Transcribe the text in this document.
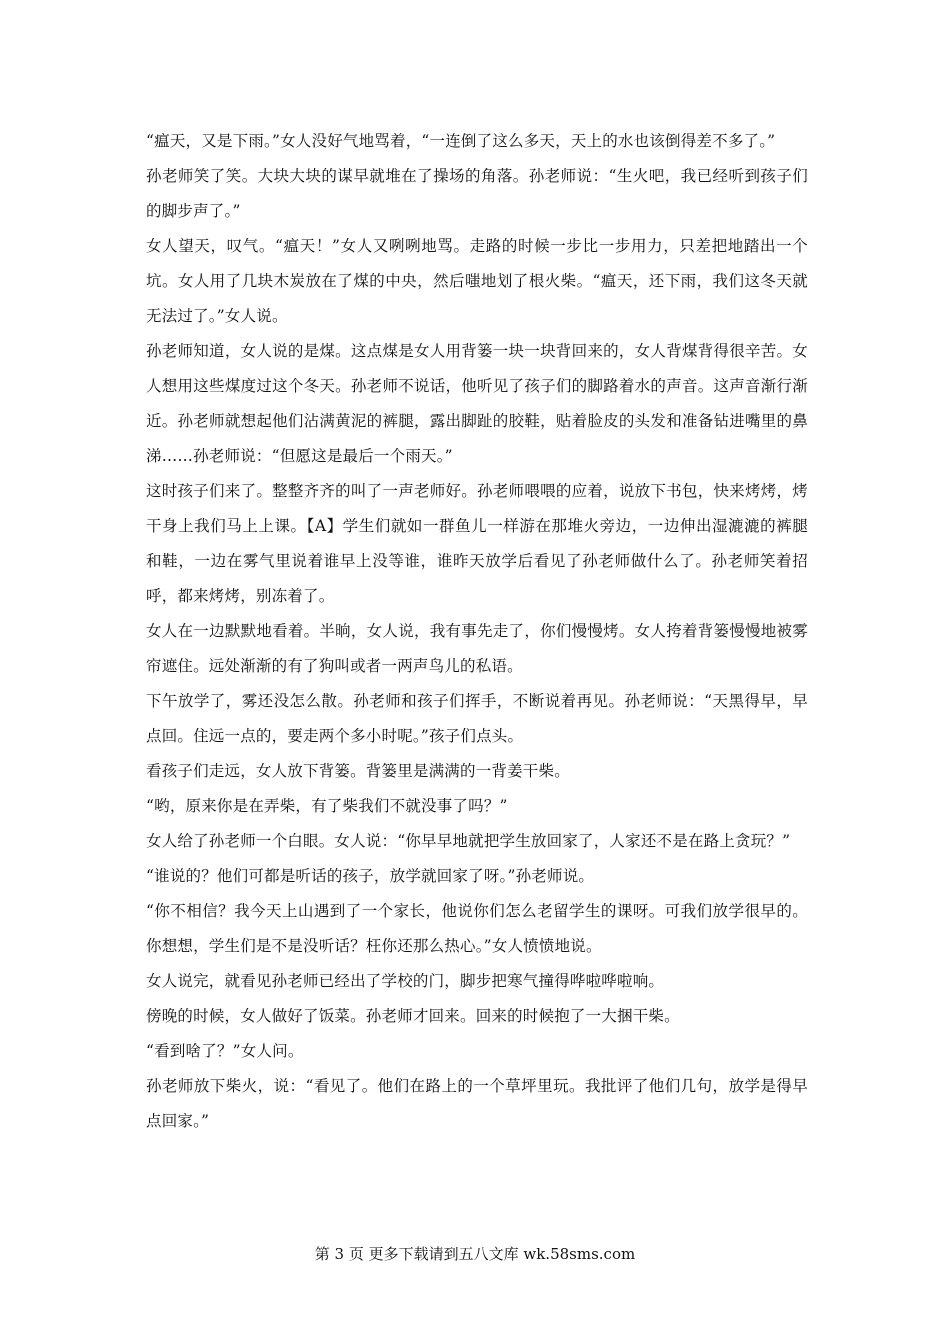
“瘟天，又是下雨。”女人没好气地骂着，“一连倒了这么多天，天上的水也该倒得差不多了。”

孙老师笑了笑。大块大块的谋早就堆在了操场的角落。孙老师说：“生火吧，我已经听到孩子们的脚步声了。”

女人望天，叹气。“瘟天！”女人又咧咧地骂。走路的时候一步比一步用力，只差把地踏出一个坑。女人用了几块木炭放在了煤的中央，然后嗤地划了根火柴。“瘟天，还下雨，我们这冬天就无法过了。”女人说。

孙老师知道，女人说的是煤。这点煤是女人用背篓一块一块背回来的，女人背煤背得很辛苦。女人想用这些煤度过这个冬天。孙老师不说话，他听见了孩子们的脚路着水的声音。这声音渐行渐近。孙老师就想起他们沾满黄泥的裤腿，露出脚趾的胶鞋，贴着脸皮的头发和准备钻进嘴里的鼻涕……孙老师说：“但愿这是最后一个雨天。”

这时孩子们来了。整整齐齐的叫了一声老师好。孙老师喂喂的应着，说放下书包，快来烤烤，烤干身上我们马上上课。【A】学生们就如一群鱼儿一样游在那堆火旁边，一边伸出湿漉漉的裤腿和鞋，一边在雾气里说着谁早上没等谁，谁昨天放学后看见了孙老师做什么了。孙老师笑着招呼，都来烤烤，别冻着了。

女人在一边默默地看着。半晌，女人说，我有事先走了，你们慢慢烤。女人挎着背篓慢慢地被雾帘遮住。远处渐渐的有了狗叫或者一两声鸟儿的私语。

下午放学了，雾还没怎么散。孙老师和孩子们挥手，不断说着再见。孙老师说：“天黑得早，早点回。住远一点的，要走两个多小时呢。”孩子们点头。

看孩子们走远，女人放下背篓。背篓里是满满的一背姜干柴。

“哟，原来你是在弄柴，有了柴我们不就没事了吗？”

女人给了孙老师一个白眼。女人说：“你早早地就把学生放回家了，人家还不是在路上贪玩？”

“谁说的？他们可都是听话的孩子，放学就回家了呀。”孙老师说。

“你不相信？我今天上山遇到了一个家长，他说你们怎么老留学生的课呀。可我们放学很早的。你想想，学生们是不是没听话？枉你还那么热心。”女人愤愤地说。

女人说完，就看见孙老师已经出了学校的门，脚步把寒气撞得哗啦哗啦响。

傍晚的时候，女人做好了饭菜。孙老师才回来。回来的时候抱了一大捆干柴。

“看到啥了？”女人问。

孙老师放下柴火，说：“看见了。他们在路上的一个草坪里玩。我批评了他们几句，放学是得早点回家。”

第 3 页 更多下载请到五八文库 wk.58sms.com
